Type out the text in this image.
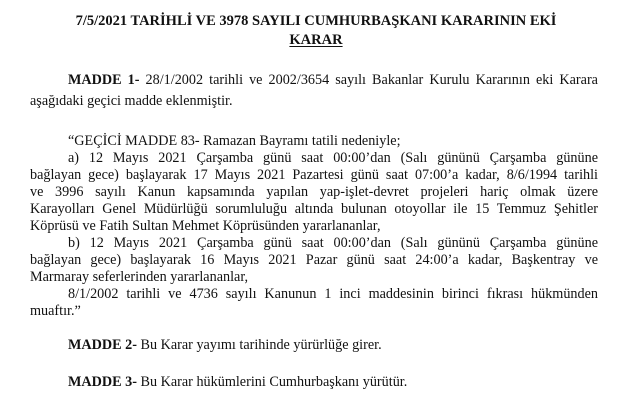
7/5/2021 TARİHLİ VE 3978 SAYILI CUMHURBAŞKANI KARARININ EKİ
KARAR
MADDE 1- 28/1/2002 tarihli ve 2002/3654 sayılı Bakanlar Kurulu Kararının eki Karara
aşağıdaki geçici madde eklenmiştir.
“GEÇİCİ MADDE 83- Ramazan Bayramı tatili nedeniyle;
a) 12 Mayıs 2021 Çarşamba günü saat 00:00’dan (Salı gününü Çarşamba gününe
bağlayan gece) başlayarak 17 Mayıs 2021 Pazartesi günü saat 07:00’a kadar, 8/6/1994 tarihli
ve 3996 sayılı Kanun kapsamında yapılan yap-işlet-devret projeleri hariç olmak üzere
Karayolları Genel Müdürlüğü sorumluluğu altında bulunan otoyollar ile 15 Temmuz Şehitler
Köprüsü ve Fatih Sultan Mehmet Köprüsünden yararlananlar,
b) 12 Mayıs 2021 Çarşamba günü saat 00:00’dan (Salı gününü Çarşamba gününe
bağlayan gece) başlayarak 16 Mayıs 2021 Pazar günü saat 24:00’a kadar, Başkentray ve
Marmaray seferlerinden yararlananlar,
8/1/2002 tarihli ve 4736 sayılı Kanunun 1 inci maddesinin birinci fıkrası hükmünden
muaftır.”
MADDE 2- Bu Karar yayımı tarihinde yürürlüğe girer.
MADDE 3- Bu Karar hükümlerini Cumhurbaşkanı yürütür.
